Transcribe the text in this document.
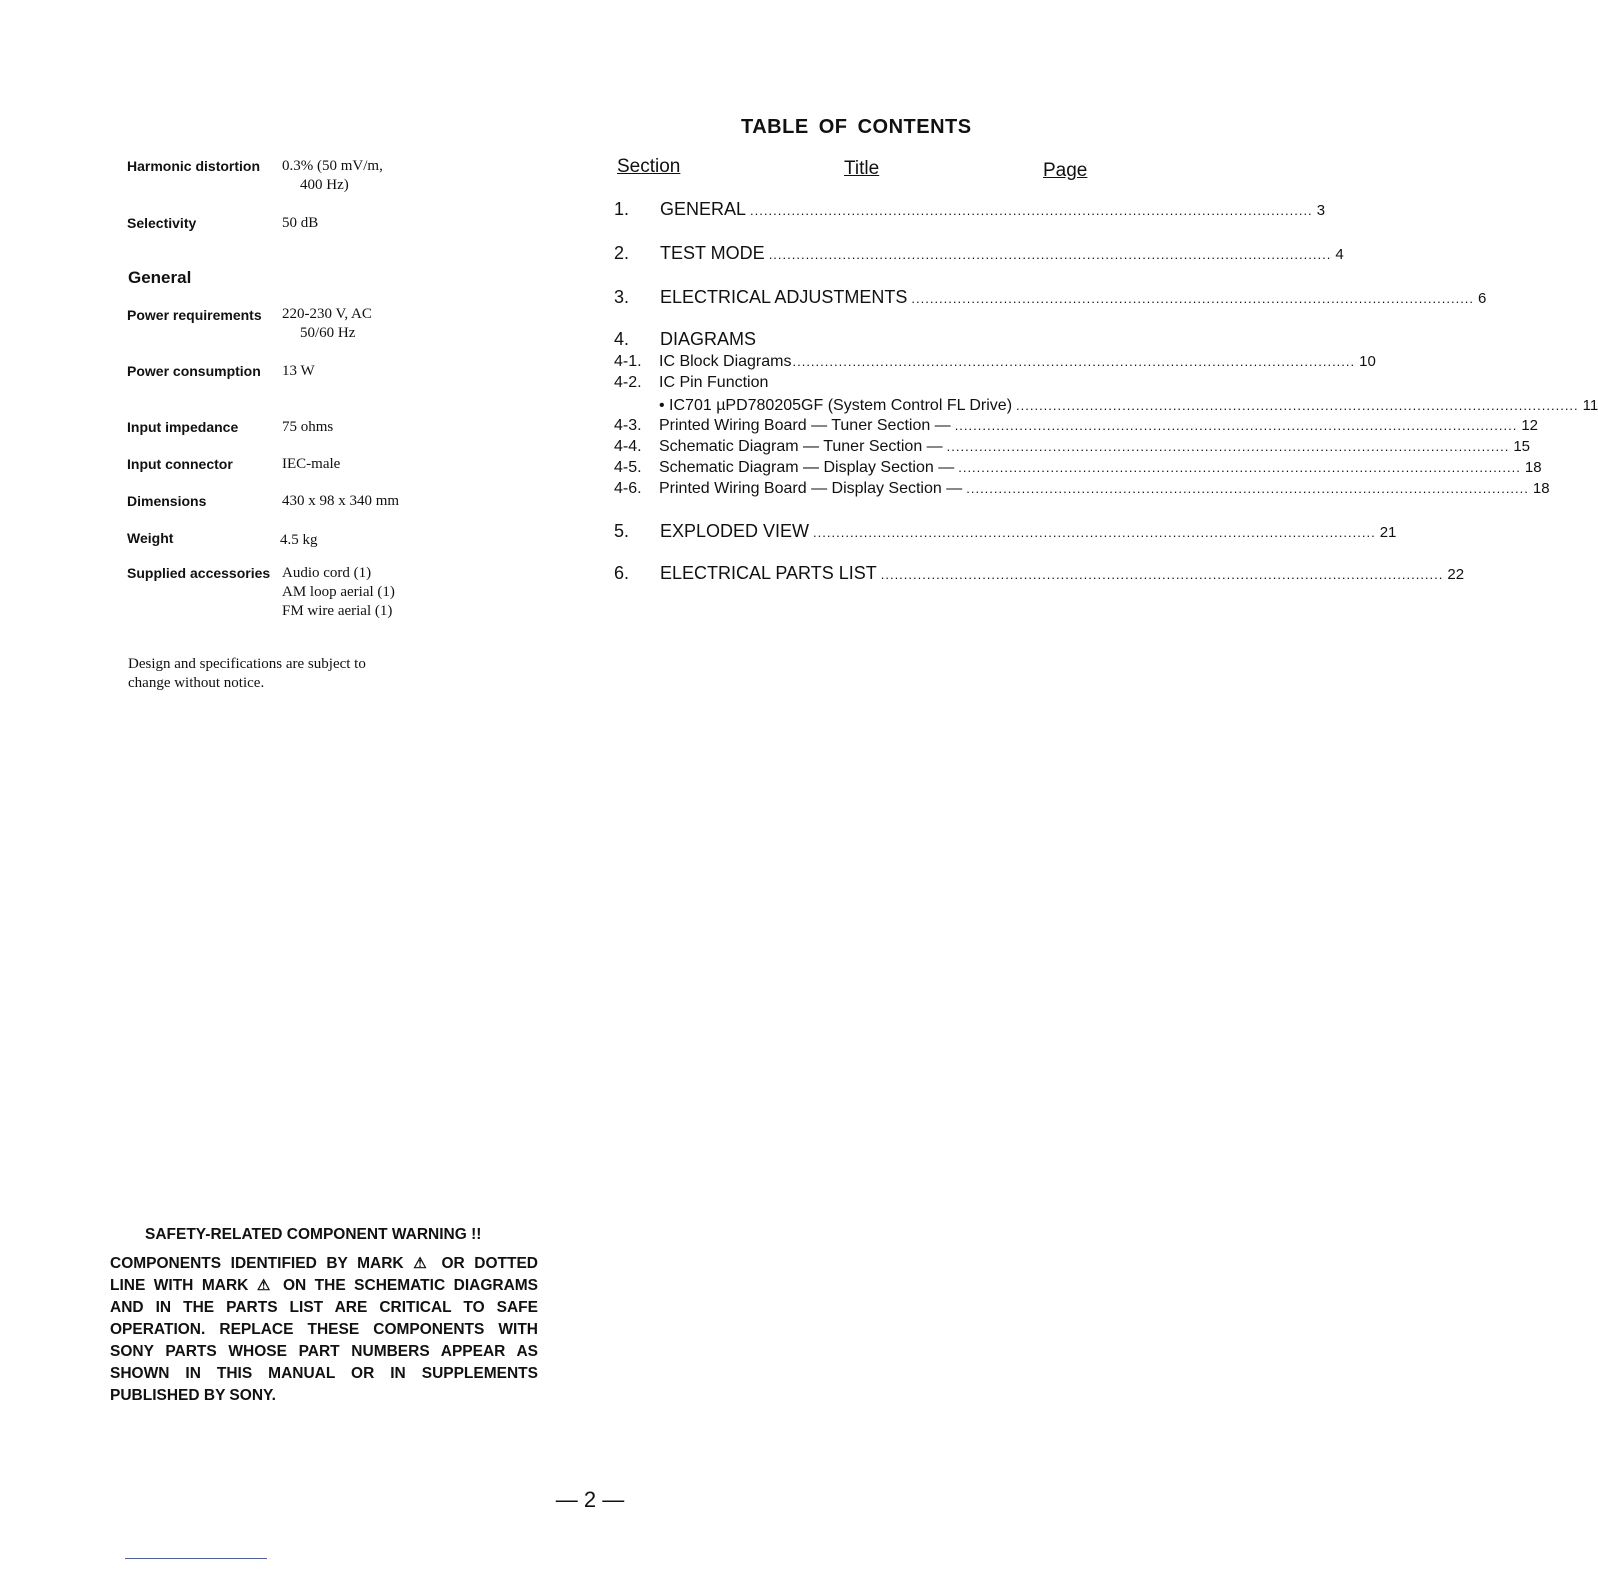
Harmonic distortion 0.3% (50 mV/m,
400 Hz)
Selectivity	50 dB
General
Power requirements 220-230 V, AC
50/60 Hz
Power consumption 13 W
Input impedance	75 ohms
Input connector	IEC-male
Dimensions	430 x 98 x 340 mm
Weight	4.5 kg
Supplied accessories Audio cord (1)
AM loop aerial (1)
FM wire aerial (1)
Design and specifications are subject to
change without notice.
TABLE OF CONTENTS
Section	Title	Page
1.	GENERAL .......................................................................................................................... 3
2.	TEST MODE .......................................................................................................................... 4
3.	ELECTRICAL ADJUSTMENTS .......................................................................................................................... 6
4.	DIAGRAMS
4-1.	IC Block Diagrams .......................................................................................................................... 10
4-2.	IC Pin Function
• IC701 µPD780205GF (System Control FL Drive) .......................................................................................................................... 11
4-3.	Printed Wiring Board — Tuner Section — .......................................................................................................................... 12
4-4.	Schematic Diagram — Tuner Section — .......................................................................................................................... 15
4-5.	Schematic Diagram — Display Section — .......................................................................................................................... 18
4-6.	Printed Wiring Board — Display Section — .......................................................................................................................... 18
5.	EXPLODED VIEW .......................................................................................................................... 21
6.	ELECTRICAL PARTS LIST .......................................................................................................................... 22
SAFETY-RELATED COMPONENT WARNING !!
COMPONENTS IDENTIFIED BY MARK ⚠ OR DOTTED
LINE WITH MARK ⚠ ON THE SCHEMATIC DIAGRAMS
AND IN THE PARTS LIST ARE CRITICAL TO SAFE
OPERATION. REPLACE THESE COMPONENTS WITH
SONY PARTS WHOSE PART NUMBERS APPEAR AS
SHOWN IN THIS MANUAL OR IN SUPPLEMENTS
PUBLISHED BY SONY.
— 2 —
